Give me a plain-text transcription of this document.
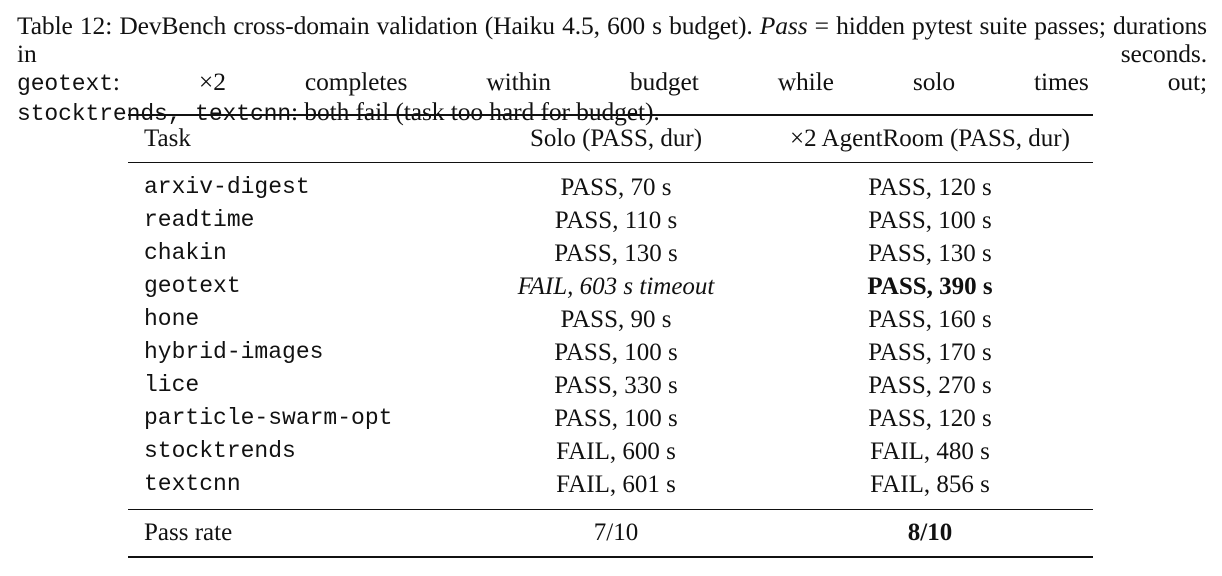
Table 12: DevBench cross-domain validation (Haiku 4.5, 600 s budget). Pass = hidden pytest suite passes; durations in seconds.
geotext: ×2 completes within budget while solo times out;
stocktrends, textcnn: both fail (task too hard for budget).
Task	Solo (PASS, dur)	×2 AgentRoom (PASS, dur)
arxiv-digest	PASS, 70 s	PASS, 120 s
readtime	PASS, 110 s	PASS, 100 s
chakin	PASS, 130 s	PASS, 130 s
geotext	FAIL, 603 s timeout	PASS, 390 s
hone	PASS, 90 s	PASS, 160 s
hybrid-images	PASS, 100 s	PASS, 170 s
lice	PASS, 330 s	PASS, 270 s
particle-swarm-opt	PASS, 100 s	PASS, 120 s
stocktrends	FAIL, 600 s	FAIL, 480 s
textcnn	FAIL, 601 s	FAIL, 856 s
Pass rate	7/10	8/10
